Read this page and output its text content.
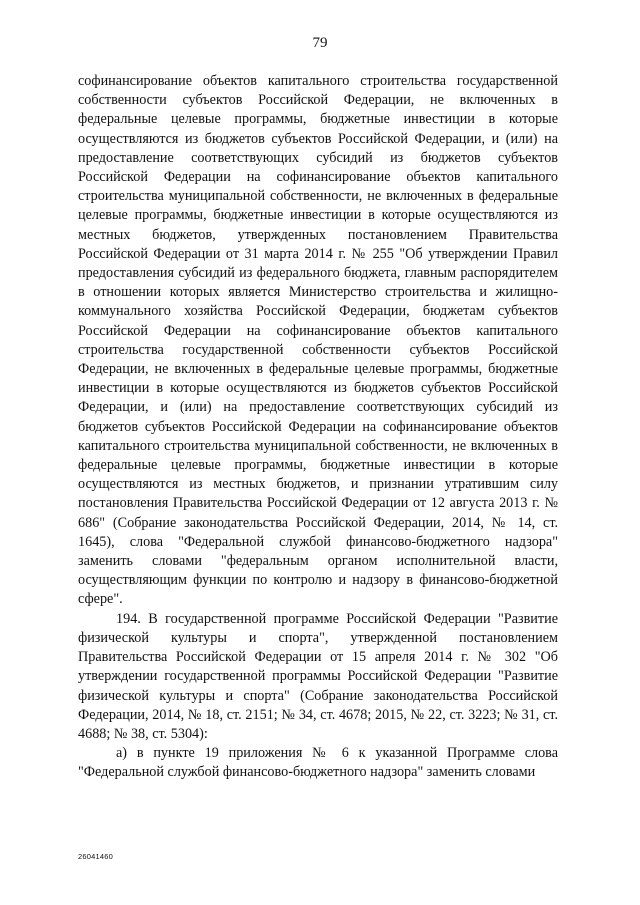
79

софинансирование объектов капитального строительства государственной собственности субъектов Российской Федерации, не включенных в федеральные целевые программы, бюджетные инвестиции в которые осуществляются из бюджетов субъектов Российской Федерации, и (или) на предоставление соответствующих субсидий из бюджетов субъектов Российской Федерации на софинансирование объектов капитального строительства муниципальной собственности, не включенных в федеральные целевые программы, бюджетные инвестиции в которые осуществляются из местных бюджетов, утвержденных постановлением Правительства Российской Федерации от 31 марта 2014 г. № 255 "Об утверждении Правил предоставления субсидий из федерального бюджета, главным распорядителем в отношении которых является Министерство строительства и жилищно-коммунального хозяйства Российской Федерации, бюджетам субъектов Российской Федерации на софинансирование объектов капитального строительства государственной собственности субъектов Российской Федерации, не включенных в федеральные целевые программы, бюджетные инвестиции в которые осуществляются из бюджетов субъектов Российской Федерации, и (или) на предоставление соответствующих субсидий из бюджетов субъектов Российской Федерации на софинансирование объектов капитального строительства муниципальной собственности, не включенных в федеральные целевые программы, бюджетные инвестиции в которые осуществляются из местных бюджетов, и признании утратившим силу постановления Правительства Российской Федерации от 12 августа 2013 г. № 686" (Собрание законодательства Российской Федерации, 2014, № 14, ст. 1645), слова "Федеральной службой финансово-бюджетного надзора" заменить словами "федеральным органом исполнительной власти, осуществляющим функции по контролю и надзору в финансово-бюджетной сфере".

194. В государственной программе Российской Федерации "Развитие физической культуры и спорта", утвержденной постановлением Правительства Российской Федерации от 15 апреля 2014 г. № 302 "Об утверждении государственной программы Российской Федерации "Развитие физической культуры и спорта" (Собрание законодательства Российской Федерации, 2014, № 18, ст. 2151; № 34, ст. 4678; 2015, № 22, ст. 3223; № 31, ст. 4688; № 38, ст. 5304):

а) в пункте 19 приложения № 6 к указанной Программе слова "Федеральной службой финансово-бюджетного надзора" заменить словами

26041460
